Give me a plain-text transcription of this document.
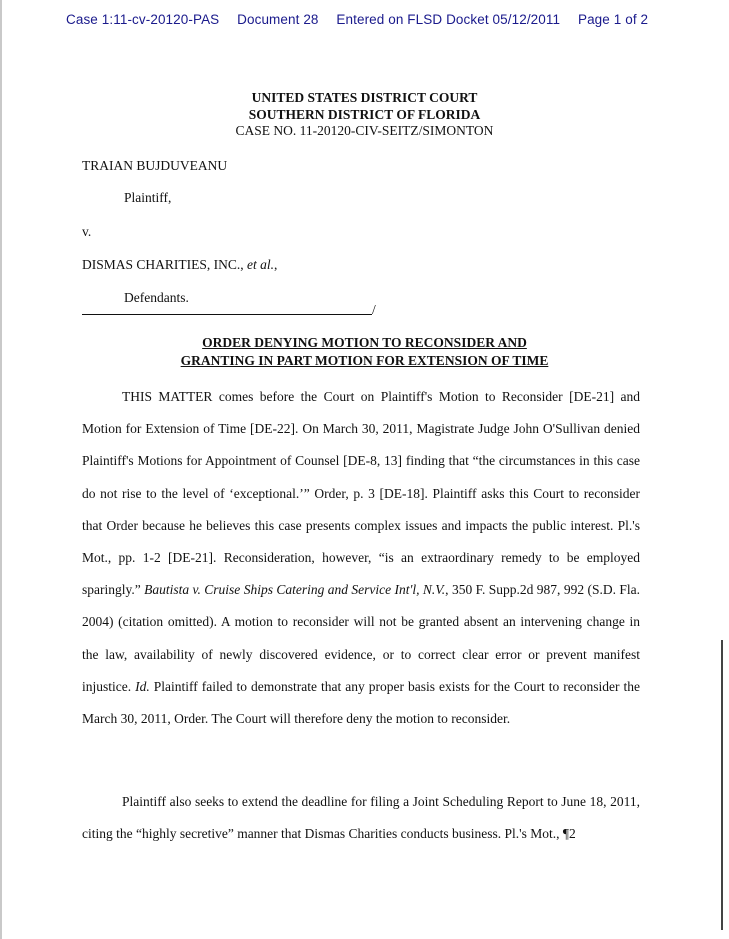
Case 1:11-cv-20120-PAS Document 28 Entered on FLSD Docket 05/12/2011 Page 1 of 2
UNITED STATES DISTRICT COURT
SOUTHERN DISTRICT OF FLORIDA
CASE NO. 11-20120-CIV-SEITZ/SIMONTON
TRAIAN BUJDUVEANU
Plaintiff,
v.
DISMAS CHARITIES, INC., et al.,
Defendants.
/
ORDER DENYING MOTION TO RECONSIDER AND
GRANTING IN PART MOTION FOR EXTENSION OF TIME
THIS MATTER comes before the Court on Plaintiff's Motion to Reconsider [DE-21] and Motion for Extension of Time [DE-22]. On March 30, 2011, Magistrate Judge John O'Sullivan denied Plaintiff's Motions for Appointment of Counsel [DE-8, 13] finding that “the circumstances in this case do not rise to the level of ‘exceptional.’” Order, p. 3 [DE-18]. Plaintiff asks this Court to reconsider that Order because he believes this case presents complex issues and impacts the public interest. Pl.'s Mot., pp. 1-2 [DE-21]. Reconsideration, however, “is an extraordinary remedy to be employed sparingly.” Bautista v. Cruise Ships Catering and Service Int'l, N.V., 350 F. Supp.2d 987, 992 (S.D. Fla. 2004) (citation omitted). A motion to reconsider will not be granted absent an intervening change in the law, availability of newly discovered evidence, or to correct clear error or prevent manifest injustice. Id. Plaintiff failed to demonstrate that any proper basis exists for the Court to reconsider the March 30, 2011, Order. The Court will therefore deny the motion to reconsider.
Plaintiff also seeks to extend the deadline for filing a Joint Scheduling Report to June 18, 2011, citing the “highly secretive” manner that Dismas Charities conducts business. Pl.'s Mot., ¶2
